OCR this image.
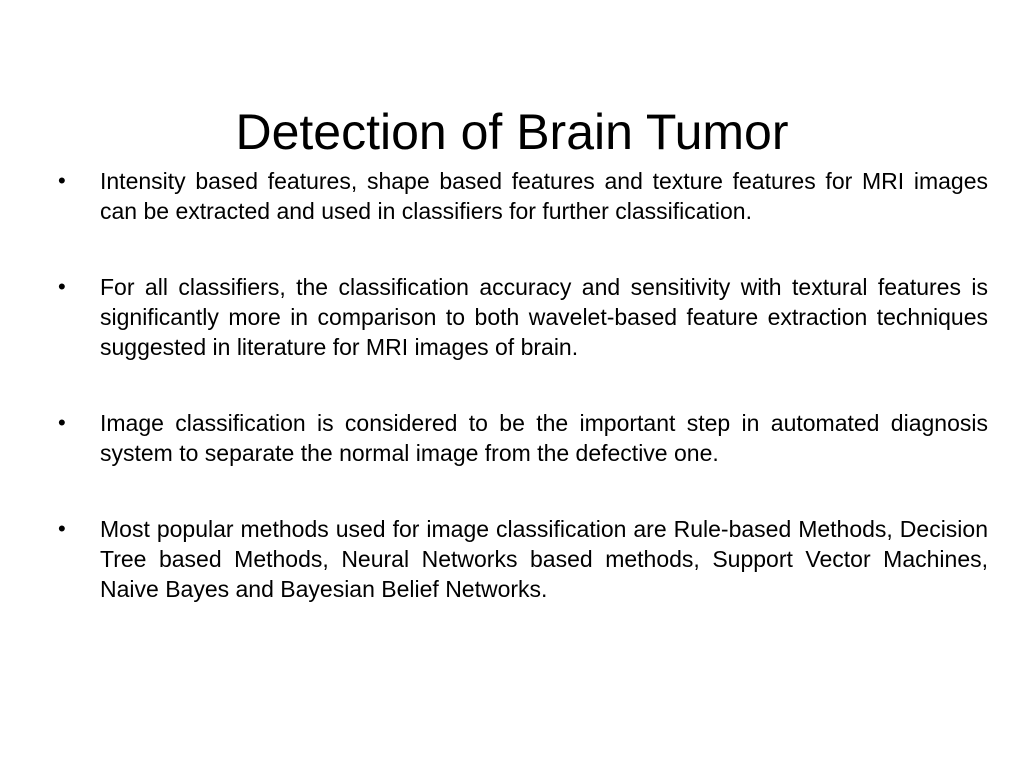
Detection of Brain Tumor
•	Intensity based features, shape based features and texture features for MRI images can be extracted and used in classifiers for further classification.
•	For all classifiers, the classification accuracy and sensitivity with textural features is significantly more in comparison to both wavelet-based feature extraction techniques suggested in literature for MRI images of brain.
•	Image classification is considered to be the important step in automated diagnosis system to separate the normal image from the defective one.
•	Most popular methods used for image classification are Rule-based Methods, Decision Tree based Methods, Neural Networks based methods, Support Vector Machines, Naive Bayes and Bayesian Belief Networks.
